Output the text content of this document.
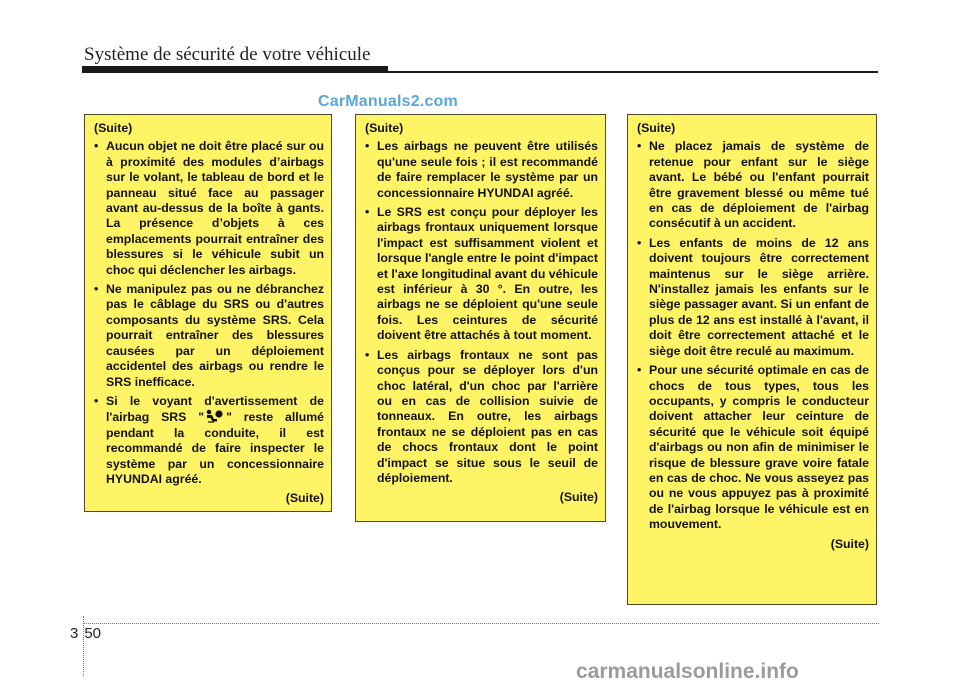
Système de sécurité de votre véhicule
CarManuals2.com
(Suite)
• Aucun objet ne doit être placé sur ou à proximité des modules d’airbags sur le volant, le tableau de bord et le panneau situé face au passager avant au-dessus de la boîte à gants. La présence d’objets à ces emplacements pourrait entraîner des blessures si le véhicule subit un choc qui déclencher les airbags.
• Ne manipulez pas ou ne débranchez pas le câblage du SRS ou d'autres composants du système SRS. Cela pourrait entraîner des blessures causées par un déploiement accidentel des airbags ou rendre le SRS inefficace.
• Si le voyant d'avertissement de l'airbag SRS " " reste allumé pendant la conduite, il est recommandé de faire inspecter le système par un concessionnaire HYUNDAI agréé.
(Suite)
(Suite)
• Les airbags ne peuvent être utilisés qu'une seule fois ; il est recommandé de faire remplacer le système par un concessionnaire HYUNDAI agréé.
• Le SRS est conçu pour déployer les airbags frontaux uniquement lorsque l'impact est suffisamment violent et lorsque l'angle entre le point d'impact et l'axe longitudinal avant du véhicule est inférieur à 30 °. En outre, les airbags ne se déploient qu'une seule fois. Les ceintures de sécurité doivent être attachés à tout moment.
• Les airbags frontaux ne sont pas conçus pour se déployer lors d'un choc latéral, d'un choc par l'arrière ou en cas de collision suivie de tonneaux. En outre, les airbags frontaux ne se déploient pas en cas de chocs frontaux dont le point d'impact se situe sous le seuil de déploiement.
(Suite)
(Suite)
• Ne placez jamais de système de retenue pour enfant sur le siège avant. Le bébé ou l'enfant pourrait être gravement blessé ou même tué en cas de déploiement de l'airbag consécutif à un accident.
• Les enfants de moins de 12 ans doivent toujours être correctement maintenus sur le siège arrière. N'installez jamais les enfants sur le siège passager avant. Si un enfant de plus de 12 ans est installé à l'avant, il doit être correctement attaché et le siège doit être reculé au maximum.
• Pour une sécurité optimale en cas de chocs de tous types, tous les occupants, y compris le conducteur doivent attacher leur ceinture de sécurité que le véhicule soit équipé d'airbags ou non afin de minimiser le risque de blessure grave voire fatale en cas de choc. Ne vous asseyez pas ou ne vous appuyez pas à proximité de l'airbag lorsque le véhicule est en mouvement.
(Suite)
3 50
carmanualsonline.info
